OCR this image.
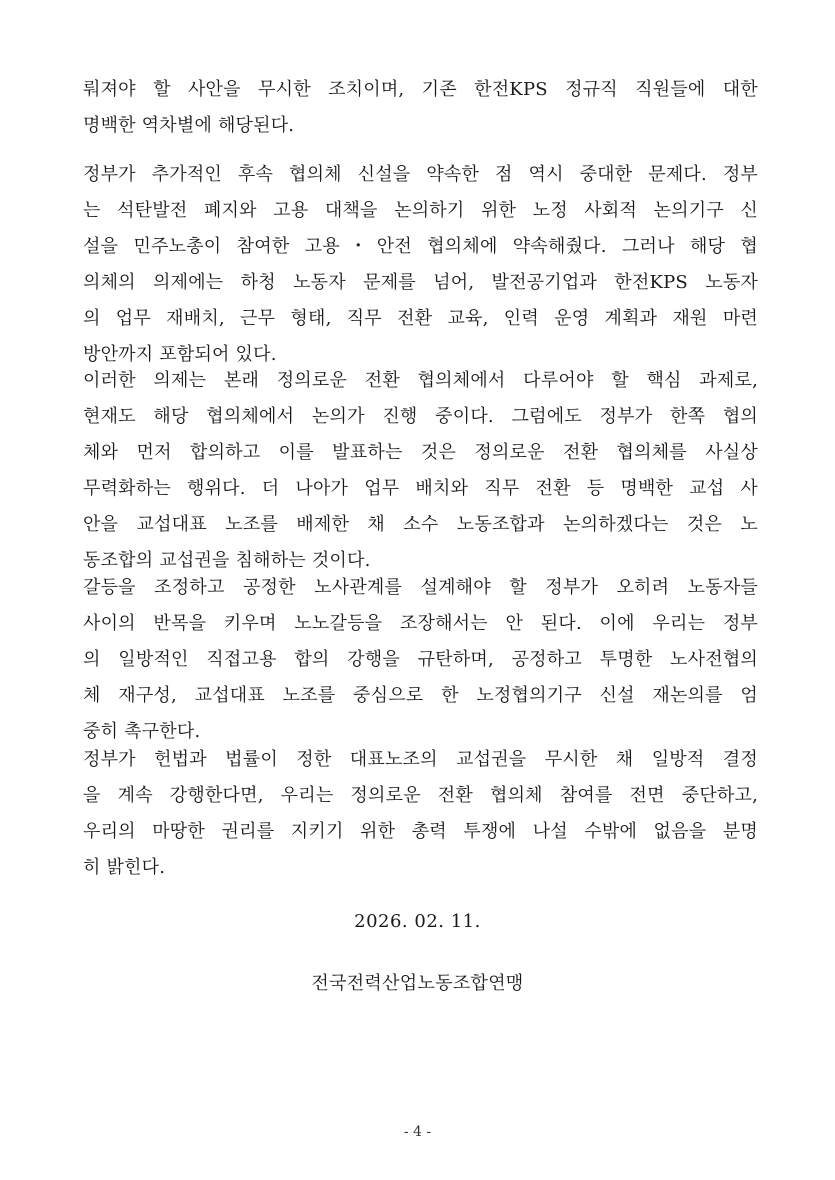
뤄져야 할 사안을 무시한 조치이며, 기존 한전KPS 정규직 직원들에 대한
명백한 역차별에 해당된다.
정부가 추가적인 후속 협의체 신설을 약속한 점 역시 중대한 문제다. 정부
는 석탄발전 폐지와 고용 대책을 논의하기 위한 노정 사회적 논의기구 신
설을 민주노총이 참여한 고용・안전 협의체에 약속해줬다. 그러나 해당 협
의체의 의제에는 하청 노동자 문제를 넘어, 발전공기업과 한전KPS 노동자
의 업무 재배치, 근무 형태, 직무 전환 교육, 인력 운영 계획과 재원 마련
방안까지 포함되어 있다.
이러한 의제는 본래 정의로운 전환 협의체에서 다루어야 할 핵심 과제로,
현재도 해당 협의체에서 논의가 진행 중이다. 그럼에도 정부가 한쪽 협의
체와 먼저 합의하고 이를 발표하는 것은 정의로운 전환 협의체를 사실상
무력화하는 행위다. 더 나아가 업무 배치와 직무 전환 등 명백한 교섭 사
안을 교섭대표 노조를 배제한 채 소수 노동조합과 논의하겠다는 것은 노
동조합의 교섭권을 침해하는 것이다.
갈등을 조정하고 공정한 노사관계를 설계해야 할 정부가 오히려 노동자들
사이의 반목을 키우며 노노갈등을 조장해서는 안 된다. 이에 우리는 정부
의 일방적인 직접고용 합의 강행을 규탄하며, 공정하고 투명한 노사전협의
체 재구성, 교섭대표 노조를 중심으로 한 노정협의기구 신설 재논의를 엄
중히 촉구한다.
정부가 헌법과 법률이 정한 대표노조의 교섭권을 무시한 채 일방적 결정
을 계속 강행한다면, 우리는 정의로운 전환 협의체 참여를 전면 중단하고,
우리의 마땅한 권리를 지키기 위한 총력 투쟁에 나설 수밖에 없음을 분명
히 밝힌다.
2026. 02. 11.
전국전력산업노동조합연맹
- 4 -
